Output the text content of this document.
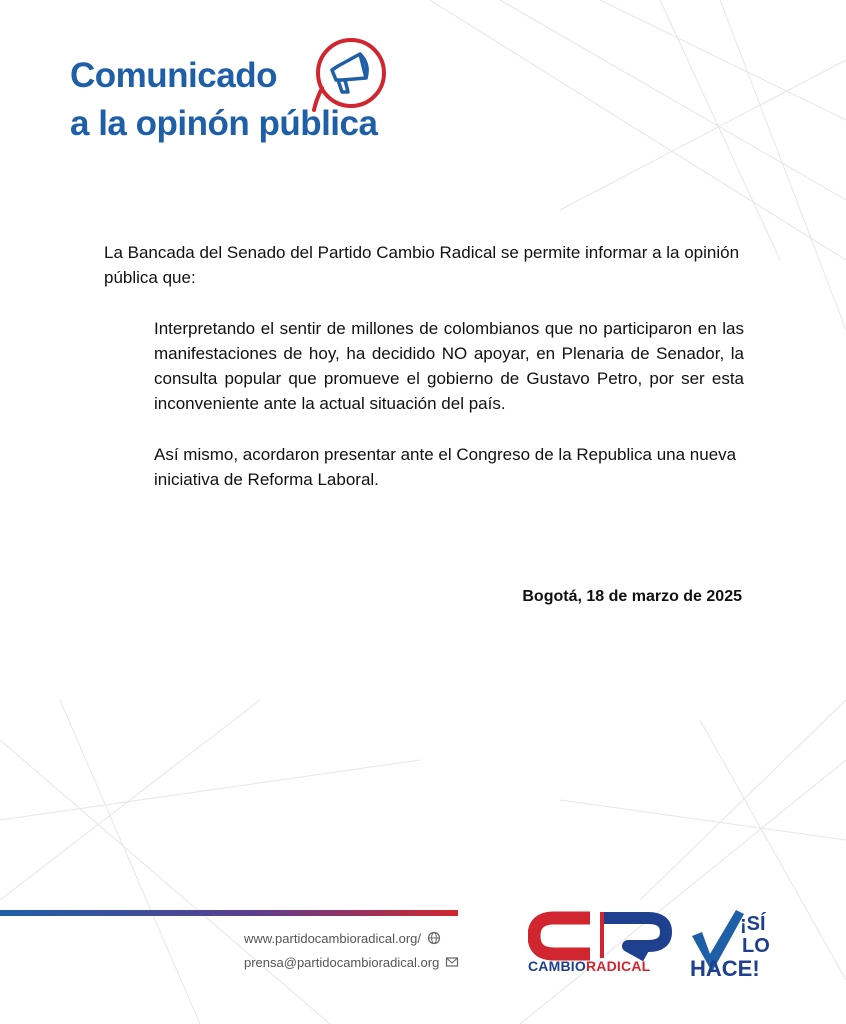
Comunicado
a la opinón pública

La Bancada del Senado del Partido Cambio Radical se permite informar a la opinión pública que:

Interpretando el sentir de millones de colombianos que no participaron en las manifestaciones de hoy, ha decidido NO apoyar, en Plenaria de Senador, la consulta popular que promueve el gobierno de Gustavo Petro, por ser esta inconveniente ante la actual situación del país.

Así mismo, acordaron presentar ante el Congreso de la Republica una nueva iniciativa de Reforma Laboral.

Bogotá, 18 de marzo de 2025
www.partidocambioradical.org/
prensa@partidocambioradical.org	CAMBIORADICAL
¡SÍ
LO
HACE!
